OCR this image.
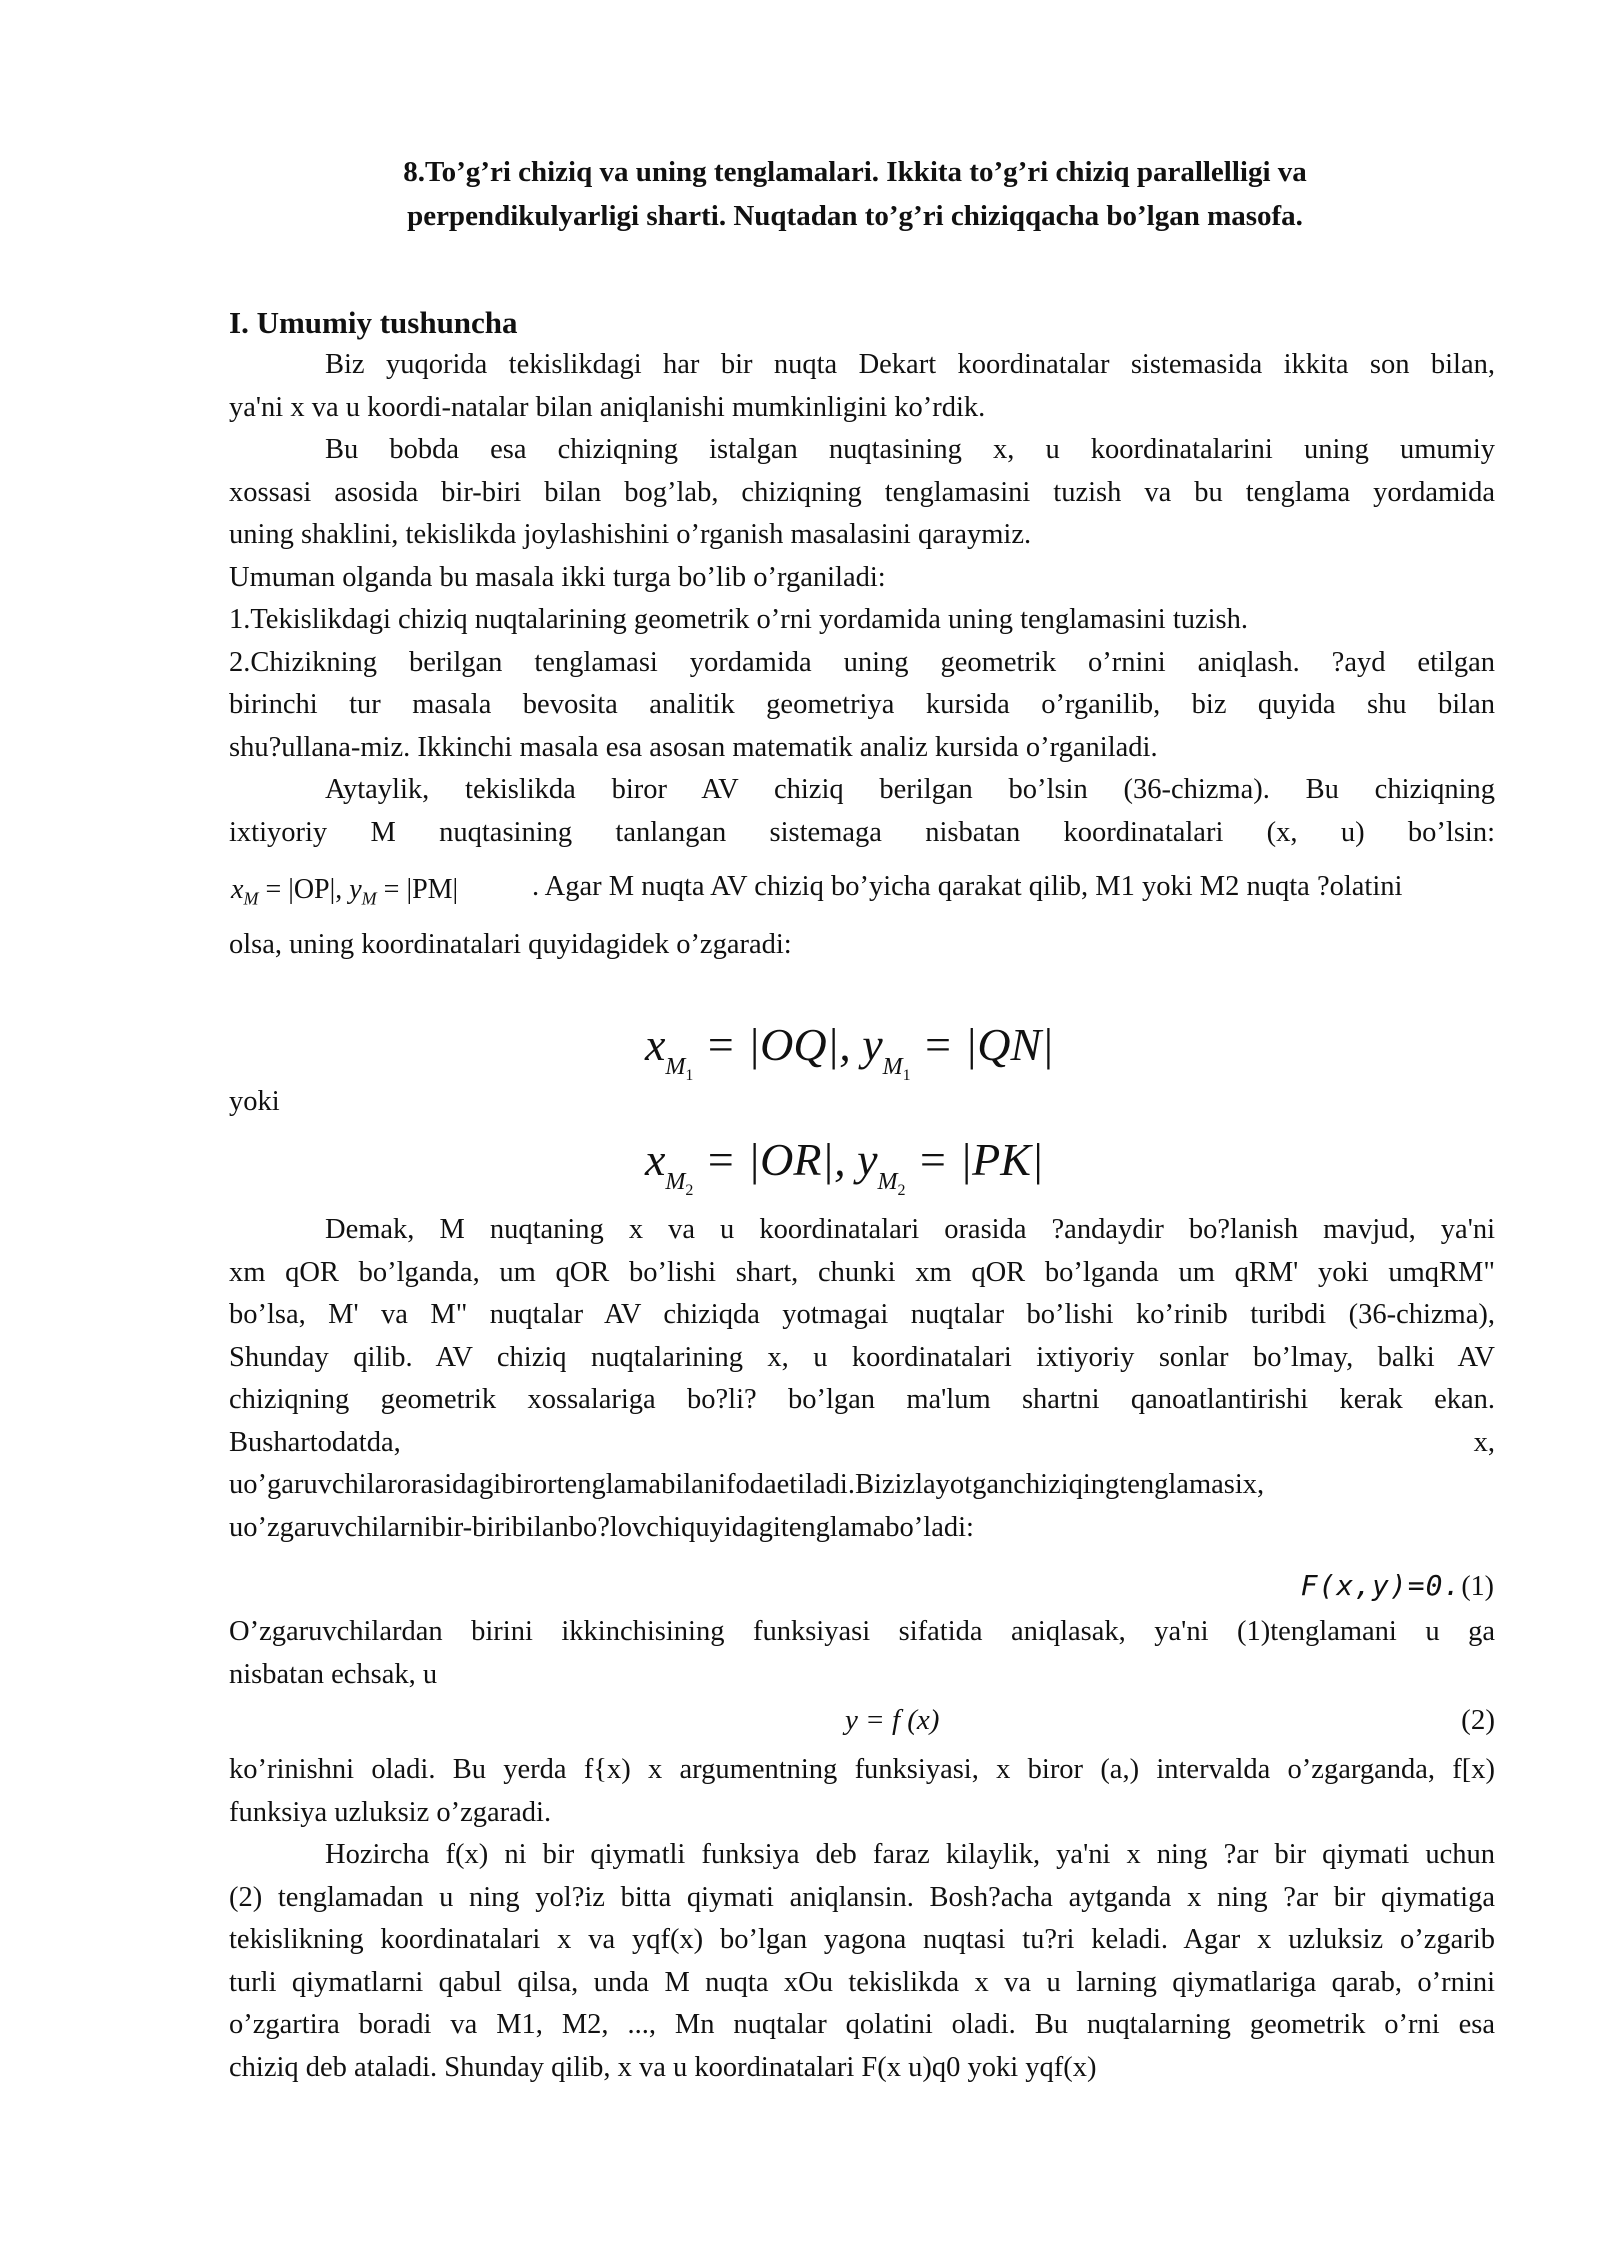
8.To’g’ri chiziq va uning tenglamalari. Ikkita to’g’ri chiziq parallelligi va
perpendikulyarligi sharti. Nuqtadan to’g’ri chiziqqacha bo’lgan masofa.
I. Umumiy tushuncha
Biz yuqorida tekislikdagi har bir nuqta Dekart koordinatalar sistemasida ikkita son bilan,
ya'ni x va u koordi-natalar bilan aniqlanishi mumkinligini ko’rdik.
Bu bobda esa chiziqning istalgan nuqtasining x, u koordinatalarini uning umumiy
xossasi asosida bir-biri bilan bog’lab, chiziqning tenglamasini tuzish va bu tenglama yordamida
uning shaklini, tekislikda joylashishini o’rganish masalasini qaraymiz.
Umuman olganda bu masala ikki turga bo’lib o’rganiladi:
1.Tekislikdagi chiziq nuqtalarining geometrik o’rni yordamida uning tenglamasini tuzish.
2.Chizikning berilgan tenglamasi yordamida uning geometrik o’rnini aniqlash. ?ayd etilgan
birinchi tur masala bevosita analitik geometriya kursida o’rganilib, biz quyida shu bilan
shu?ullana-miz. Ikkinchi masala esa asosan matematik analiz kursida o’rganiladi.
Aytaylik, tekislikda biror AV chiziq berilgan bo’lsin (36-chizma). Bu chiziqning
ixtiyoriy M nuqtasining tanlangan sistemaga nisbatan koordinatalari (x, u) bo’lsin:
$x_M = |OP|$, $y_M = |PM|$	. Agar M nuqta AV chiziq bo’yicha qarakat qilib, M1 yoki M2 nuqta ?olatini
olsa, uning koordinatalari quyidagidek o’zgaradi:
$x_{M_1} = |OQ|$, $y_{M_1} = |QN|$
yoki
$x_{M_2} = |OR|$, $y_{M_2} = |PK|$
Demak, M nuqtaning x va u koordinatalari orasida ?andaydir bo?lanish mavjud, ya'ni
xm qOR bo’lganda, um qOR bo’lishi shart, chunki xm qOR bo’lganda um qRM' yoki umqRM"
bo’lsa, M' va M" nuqtalar AV chiziqda yotmagai nuqtalar bo’lishi ko’rinib turibdi (36-chizma),
Shunday qilib. AV chiziq nuqtalarining x, u koordinatalari ixtiyoriy sonlar bo’lmay, balki AV
chiziqning geometrik xossalariga bo?li? bo’lgan ma'lum shartni qanoatlantirishi kerak ekan.
Bushartodatda,	x,
uo’garuvchilarorasidagibirortenglamabilanifodaetiladi.Bizizlayotganchiziqingtenglamasix,
uo’zgaruvchilarnibir-biribilanbo?lovchiquyidagitenglamabo’ladi:
F(x,y)=0.(1)
O’zgaruvchilardan birini ikkinchisining funksiyasi sifatida aniqlasak, ya'ni (1)tenglamani u ga
nisbatan echsak, u
y = f (x)	(2)
ko’rinishni oladi. Bu yerda f{x) x argumentning funksiyasi, x biror (a,) intervalda o’zgarganda, f[x)
funksiya uzluksiz o’zgaradi.
Hozircha f(x) ni bir qiymatli funksiya deb faraz kilaylik, ya'ni x ning ?ar bir qiymati uchun
(2) tenglamadan u ning yol?iz bitta qiymati aniqlansin. Bosh?acha aytganda x ning ?ar bir qiymatiga
tekislikning koordinatalari x va yqf(x) bo’lgan yagona nuqtasi tu?ri keladi. Agar x uzluksiz o’zgarib
turli qiymatlarni qabul qilsa, unda M nuqta xOu tekislikda x va u larning qiymatlariga qarab, o’rnini
o’zgartira boradi va M1, M2, ..., Mn nuqtalar qolatini oladi. Bu nuqtalarning geometrik o’rni esa
chiziq deb ataladi. Shunday qilib, x va u koordinatalari F(x u)q0 yoki yqf(x)
